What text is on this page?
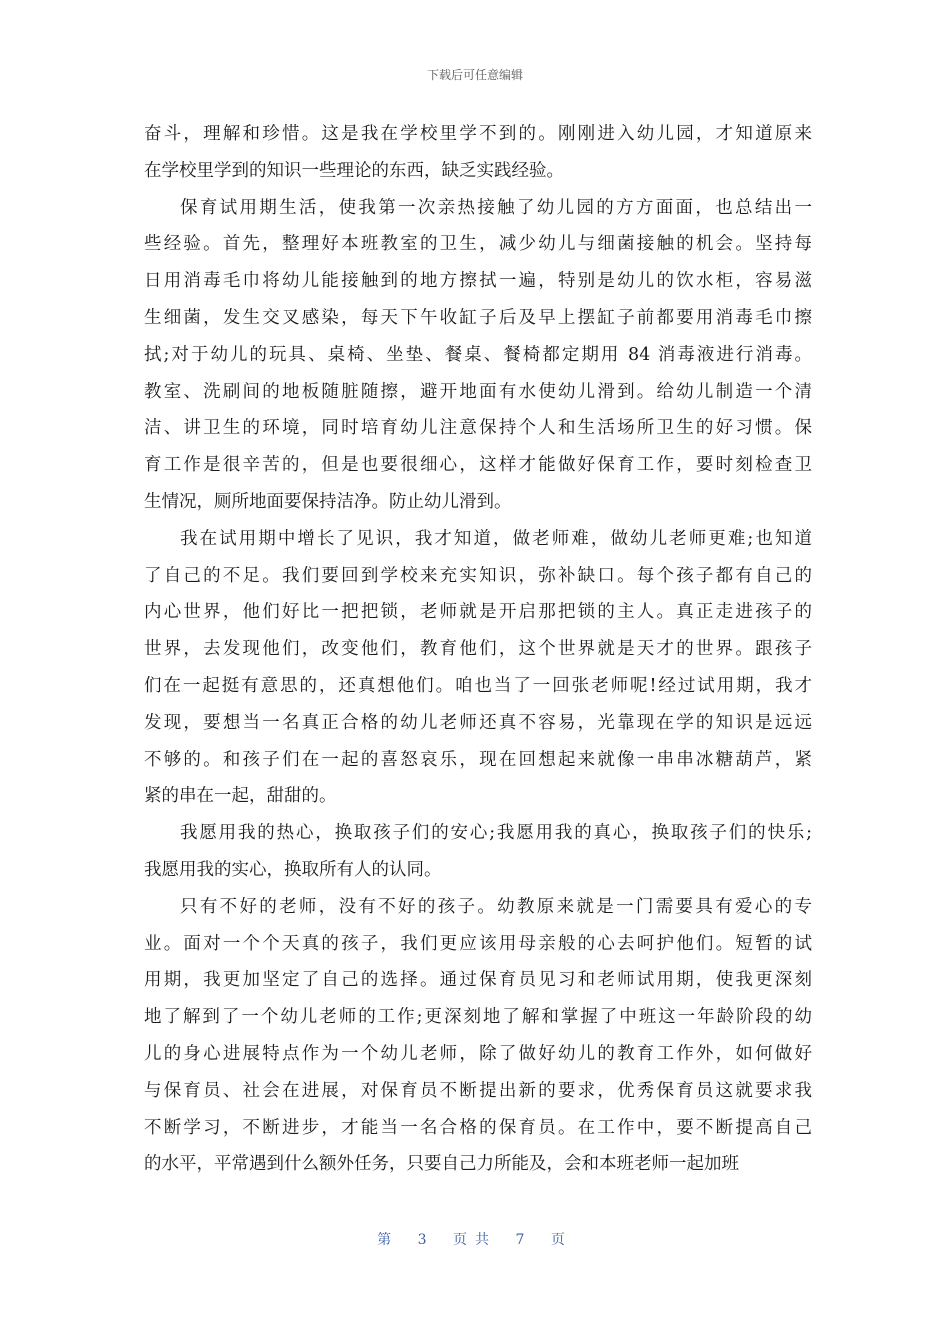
下载后可任意编辑
奋斗，理解和珍惜。这是我在学校里学不到的。刚刚进入幼儿园，才知道原来
在学校里学到的知识一些理论的东西，缺乏实践经验。
保育试用期生活，使我第一次亲热接触了幼儿园的方方面面，也总结出一
些经验。首先，整理好本班教室的卫生，减少幼儿与细菌接触的机会。坚持每
日用消毒毛巾将幼儿能接触到的地方擦拭一遍，特别是幼儿的饮水柜，容易滋
生细菌，发生交叉感染，每天下午收缸子后及早上摆缸子前都要用消毒毛巾擦
拭;对于幼儿的玩具、桌椅、坐垫、餐桌、餐椅都定期用 84 消毒液进行消毒。
教室、洗刷间的地板随脏随擦，避开地面有水使幼儿滑到。给幼儿制造一个清
洁、讲卫生的环境，同时培育幼儿注意保持个人和生活场所卫生的好习惯。保
育工作是很辛苦的，但是也要很细心，这样才能做好保育工作，要时刻检查卫
生情况，厕所地面要保持洁净。防止幼儿滑到。
我在试用期中增长了见识，我才知道，做老师难，做幼儿老师更难;也知道
了自己的不足。我们要回到学校来充实知识，弥补缺口。每个孩子都有自己的
内心世界，他们好比一把把锁，老师就是开启那把锁的主人。真正走进孩子的
世界，去发现他们，改变他们，教育他们，这个世界就是天才的世界。跟孩子
们在一起挺有意思的，还真想他们。咱也当了一回张老师呢!经过试用期，我才
发现，要想当一名真正合格的幼儿老师还真不容易，光靠现在学的知识是远远
不够的。和孩子们在一起的喜怒哀乐，现在回想起来就像一串串冰糖葫芦，紧
紧的串在一起，甜甜的。
我愿用我的热心，换取孩子们的安心;我愿用我的真心，换取孩子们的快乐;
我愿用我的实心，换取所有人的认同。
只有不好的老师，没有不好的孩子。幼教原来就是一门需要具有爱心的专
业。面对一个个天真的孩子，我们更应该用母亲般的心去呵护他们。短暂的试
用期，我更加坚定了自己的选择。通过保育员见习和老师试用期，使我更深刻
地了解到了一个幼儿老师的工作;更深刻地了解和掌握了中班这一年龄阶段的幼
儿的身心进展特点作为一个幼儿老师，除了做好幼儿的教育工作外，如何做好
与保育员、社会在进展，对保育员不断提出新的要求，优秀保育员这就要求我
不断学习，不断进步，才能当一名合格的保育员。在工作中，要不断提高自己
的水平，平常遇到什么额外任务，只要自己力所能及，会和本班老师一起加班
第 3 页共 7 页
